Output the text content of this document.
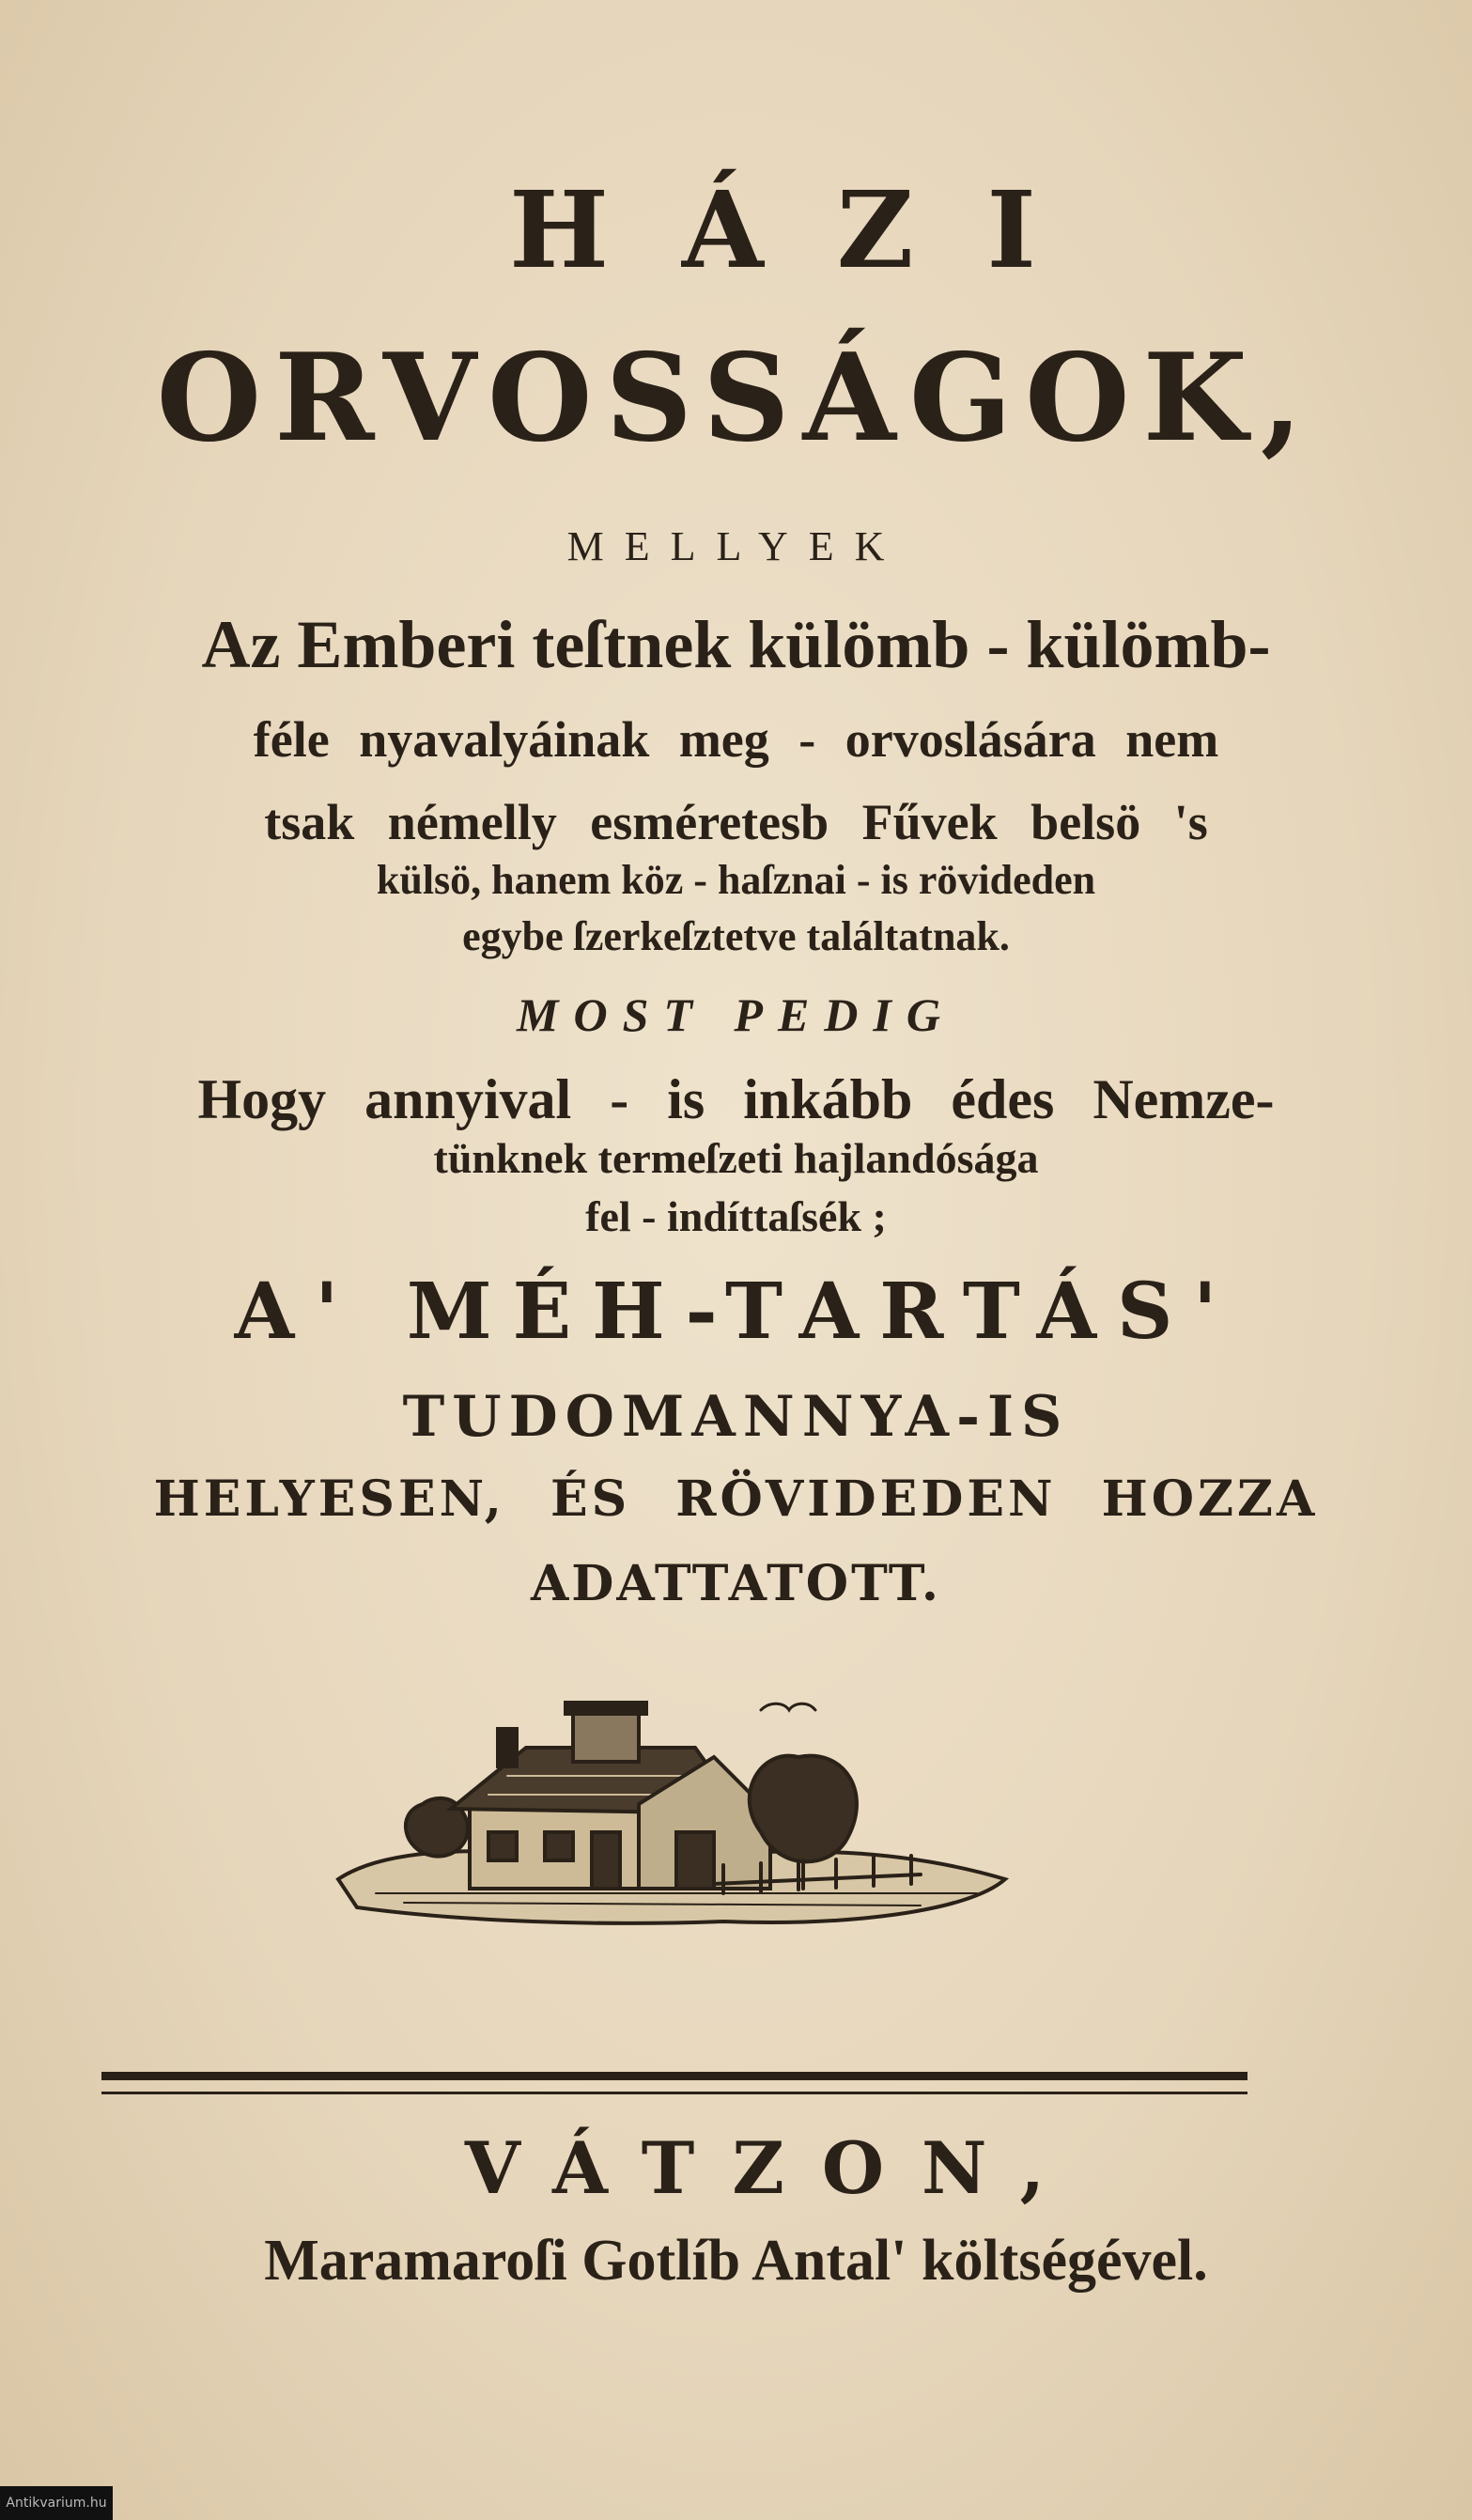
HÁZI
ORVOSSÁGOK,
MELLYEK
Az Emberi teſtnek külömb - külömb-
féle nyavalyáinak meg - orvoslására nem
tsak némelly esméretesb Fűvek belsö 's
külsö, hanem köz - haſznai - is rövideden
egybe ſzerkeſztetve találtatnak.
MOST PEDIG
Hogy annyival - is inkább édes Nemze-
tünknek termeſzeti hajlandósága
fel - indíttaſsék ;
A' MÉH-TARTÁS'
TUDOMANNYA-IS
HELYESEN, ÉS RÖVIDEDEN HOZZA
ADATTATOTT.
VÁTZON,
Maramaroſi Gotlíb Antal' költségével.
Antikvarium.hu
